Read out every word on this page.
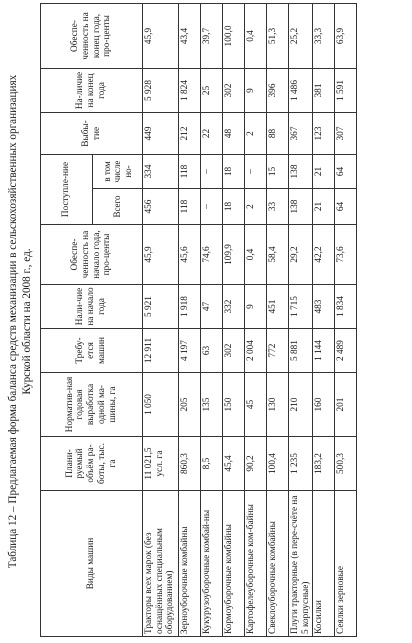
Таблица 12 – Предлагаемая форма баланса средств механизации в сельскохозяйственных организациях Курской области на 2008 г., ед.
Виды машин	Плани-руемый объём ра-боты, тыс. га	Норматив-ная годовая выработка одной ма-шины, га	Требу-ется машин	Нали-чие на начало года	Обеспе-ченность на начало года, про-центы	Поступле-ние		Выбы-тие	На-личие на конец года	Обеспе-ченность на конец года, про-центы
						Всего	в том числе но-			
Тракторы всех марок (без оснащённых специальным оборудованием)	11 021,5 усл. га	1 050	12 911	5 921	45,9	456	334	449	5 928	45,9
Зерноуборочные комбайны	860,3	205	4 197	1 918	45,6	118	118	212	1 824	43,4
Кукурузоуборочные комбай-ны	8,5	135	63	47	74,6	–	–	22	25	39,7
Кормоуборочные комбайны	45,4	150	302	332	109,9	18	18	48	302	100,0
Картофелеуборочные ком-байны	90,2	45	2 004	9	0,4	2	–	2	9	0,4
Свеклоуборочные комбайны	100,4	130	772	451	58,4	33	15	88	396	51,3
Плуги тракторные (в пере-счёте на 5 корпусные)	1 235	210	5 881	1 715	29,2	138	138	367	1 486	25,2
Косилки	183,2	160	1 144	483	42,2	21	21	123	381	33,3
Сеялки зерновые	500,3	201	2 489	1 834	73,6	64	64	307	1 591	63,9
